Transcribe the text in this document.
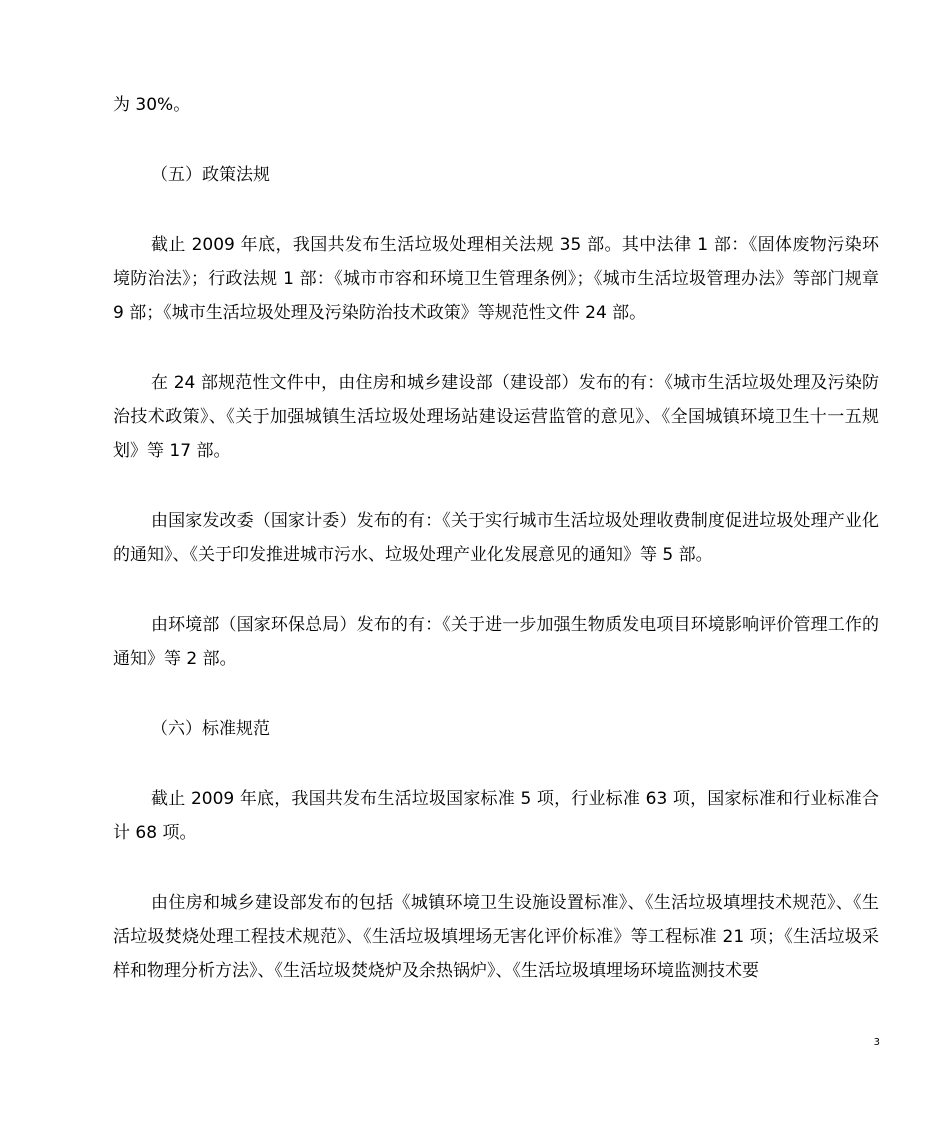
为 30%。

（五）政策法规

截止 2009 年底，我国共发布生活垃圾处理相关法规 35 部。其中法律 1 部：《固体废物污染环境防治法》；行政法规 1 部：《城市市容和环境卫生管理条例》；《城市生活垃圾管理办法》等部门规章 9 部；《城市生活垃圾处理及污染防治技术政策》等规范性文件 24 部。

在 24 部规范性文件中，由住房和城乡建设部（建设部）发布的有：《城市生活垃圾处理及污染防治技术政策》、《关于加强城镇生活垃圾处理场站建设运营监管的意见》、《全国城镇环境卫生十一五规划》等 17 部。

由国家发改委（国家计委）发布的有：《关于实行城市生活垃圾处理收费制度促进垃圾处理产业化的通知》、《关于印发推进城市污水、垃圾处理产业化发展意见的通知》等 5 部。

由环境部（国家环保总局）发布的有：《关于进一步加强生物质发电项目环境影响评价管理工作的通知》等 2 部。

（六）标准规范

截止 2009 年底，我国共发布生活垃圾国家标准 5 项，行业标准 63 项，国家标准和行业标准合计 68 项。

由住房和城乡建设部发布的包括《城镇环境卫生设施设置标准》、《生活垃圾填埋技术规范》、《生活垃圾焚烧处理工程技术规范》、《生活垃圾填埋场无害化评价标准》等工程标准 21 项；《生活垃圾采样和物理分析方法》、《生活垃圾焚烧炉及余热锅炉》、《生活垃圾填埋场环境监测技术要

3
